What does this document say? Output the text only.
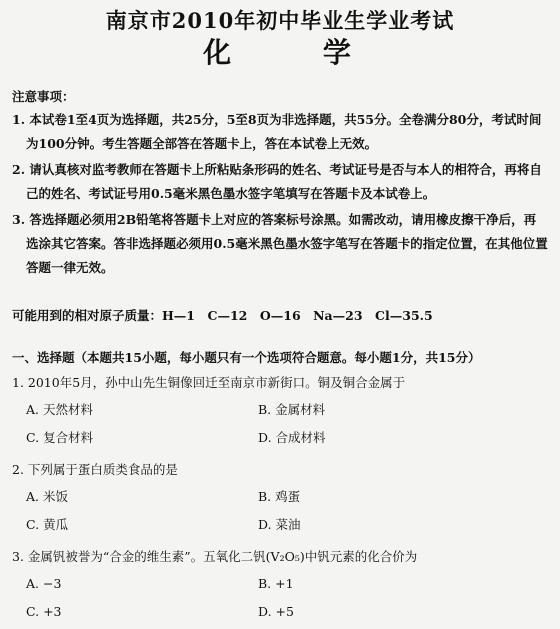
南京市2010年初中毕业生学业考试
化 学
注意事项：
1. 本试卷1至4页为选择题，共25分，5至8页为非选择题，共55分。全卷满分80分，考试时间为100分钟。考生答题全部答在答题卡上，答在本试卷上无效。
2. 请认真核对监考教师在答题卡上所粘贴条形码的姓名、考试证号是否与本人的相符合，再将自己的姓名、考试证号用0.5毫米黑色墨水签字笔填写在答题卡及本试卷上。
3. 答选择题必须用2B铅笔将答题卡上对应的答案标号涂黑。如需改动，请用橡皮擦干净后，再选涂其它答案。答非选择题必须用0.5毫米黑色墨水签字笔写在答题卡的指定位置，在其他位置答题一律无效。
可能用到的相对原子质量：H—1　C—12　O—16　Na—23　Cl—35.5
一、选择题（本题共15小题，每小题只有一个选项符合题意。每小题1分，共15分）
1. 2010年5月，孙中山先生铜像回迁至南京市新街口。铜及铜合金属于
A. 天然材料	B. 金属材料
C. 复合材料	D. 合成材料
2. 下列属于蛋白质类食品的是
A. 米饭	B. 鸡蛋
C. 黄瓜	D. 菜油
3. 金属钒被誉为“合金的维生素”。五氧化二钒(V₂O₅)中钒元素的化合价为
A. −3	B. +1
C. +3	D. +5
